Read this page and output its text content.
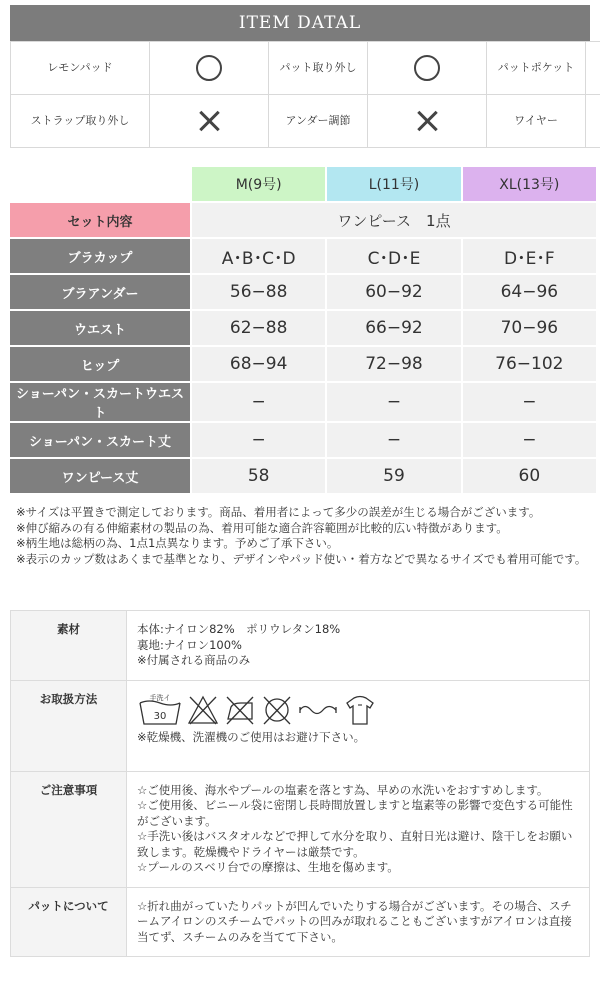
ITEM DATAL
レモンパッド		パット取り外し		パットポケット	
ストラップ取り外し		アンダー調節		ワイヤー	
	M(9号)	L(11号)	XL(13号)
セット内容	ワンピース　1点		
ブラカップ	A･B･C･D	C･D･E	D･E･F
ブラアンダー	56−88	60−92	64−96
ウエスト	62−88	66−92	70−96
ヒップ	68−94	72−98	76−102
ショーパン・スカートウエスト	−	−	−
ショーパン・スカート丈	−	−	−
ワンピース丈	58	59	60

※サイズは平置きで測定しております。商品、着用者によって多少の誤差が生じる場合がございます。

※伸び縮みの有る伸縮素材の製品の為、着用可能な適合許容範囲が比較的広い特徴があります。

※柄生地は総柄の為、1点1点異なります。予めご了承下さい。

※表示のカップ数はあくまで基準となり、デザインやパッド使い・着方などで異なるサイズでも着用可能です。

素材	本体:ナイロン82%　ポリウレタン18%

裏地:ナイロン100%

※付属される商品のみ

お取扱方法	手洗イ
30

※乾燥機、洗濯機のご使用はお避け下さい。

ご注意事項	☆ご使用後、海水やプールの塩素を落とす為、早めの水洗いをおすすめします。

☆ご使用後、ビニール袋に密閉し長時間放置しますと塩素等の影響で変色する可能性がございます。

☆手洗い後はバスタオルなどで押して水分を取り、直射日光は避け、陰干しをお願い致します。乾燥機やドライヤーは厳禁です。

☆プールのスベリ台での摩擦は、生地を傷めます。

パットについて	☆折れ曲がっていたりパットが凹んでいたりする場合がございます。その場合、スチームアイロンのスチームでパットの凹みが取れることもございますがアイロンは直接当てず、スチームのみを当てて下さい。
